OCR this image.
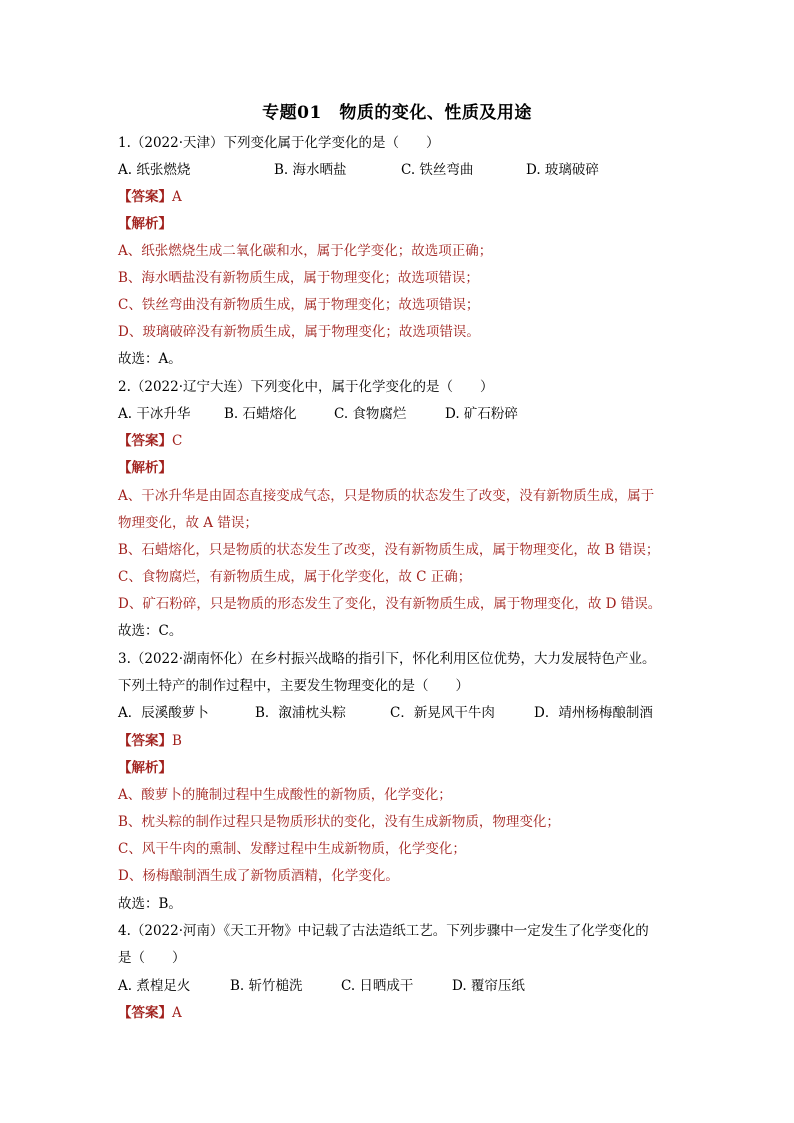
专题01　物质的变化、性质及用途
1.（2022·天津）下列变化属于化学变化的是（　　）
A. 纸张燃烧	B. 海水晒盐	C. 铁丝弯曲	D. 玻璃破碎
【答案】A
【解析】
A、纸张燃烧生成二氧化碳和水，属于化学变化；故选项正确；
B、海水晒盐没有新物质生成，属于物理变化；故选项错误；
C、铁丝弯曲没有新物质生成，属于物理变化；故选项错误；
D、玻璃破碎没有新物质生成，属于物理变化；故选项错误。
故选：A。
2.（2022·辽宁大连）下列变化中，属于化学变化的是（　　）
A. 干冰升华 B. 石蜡熔化	C. 食物腐烂	D. 矿石粉碎
【答案】C
【解析】
A、干冰升华是由固态直接变成气态，只是物质的状态发生了改变，没有新物质生成，属于
物理变化，故 A 错误；
B、石蜡熔化，只是物质的状态发生了改变，没有新物质生成，属于物理变化，故 B 错误；
C、食物腐烂，有新物质生成，属于化学变化，故 C 正确；
D、矿石粉碎，只是物质的形态发生了变化，没有新物质生成，属于物理变化，故 D 错误。
故选：C。
3.（2022·湖南怀化）在乡村振兴战略的指引下，怀化利用区位优势，大力发展特色产业。
下列土特产的制作过程中，主要发生物理变化的是（　　）
A．辰溪酸萝卜	B．溆浦枕头粽	C．新晃风干牛肉	D．靖州杨梅酿制酒
【答案】B
【解析】
A、酸萝卜的腌制过程中生成酸性的新物质，化学变化；
B、枕头粽的制作过程只是物质形状的变化，没有生成新物质，物理变化；
C、风干牛肉的熏制、发酵过程中生成新物质，化学变化；
D、杨梅酿制酒生成了新物质酒精，化学变化。
故选：B。
4.（2022·河南）《天工开物》中记载了古法造纸工艺。下列步骤中一定发生了化学变化的
是（　　）
A. 煮楻足火	B. 斩竹槌洗	C. 日晒成干	D. 覆帘压纸
【答案】A
